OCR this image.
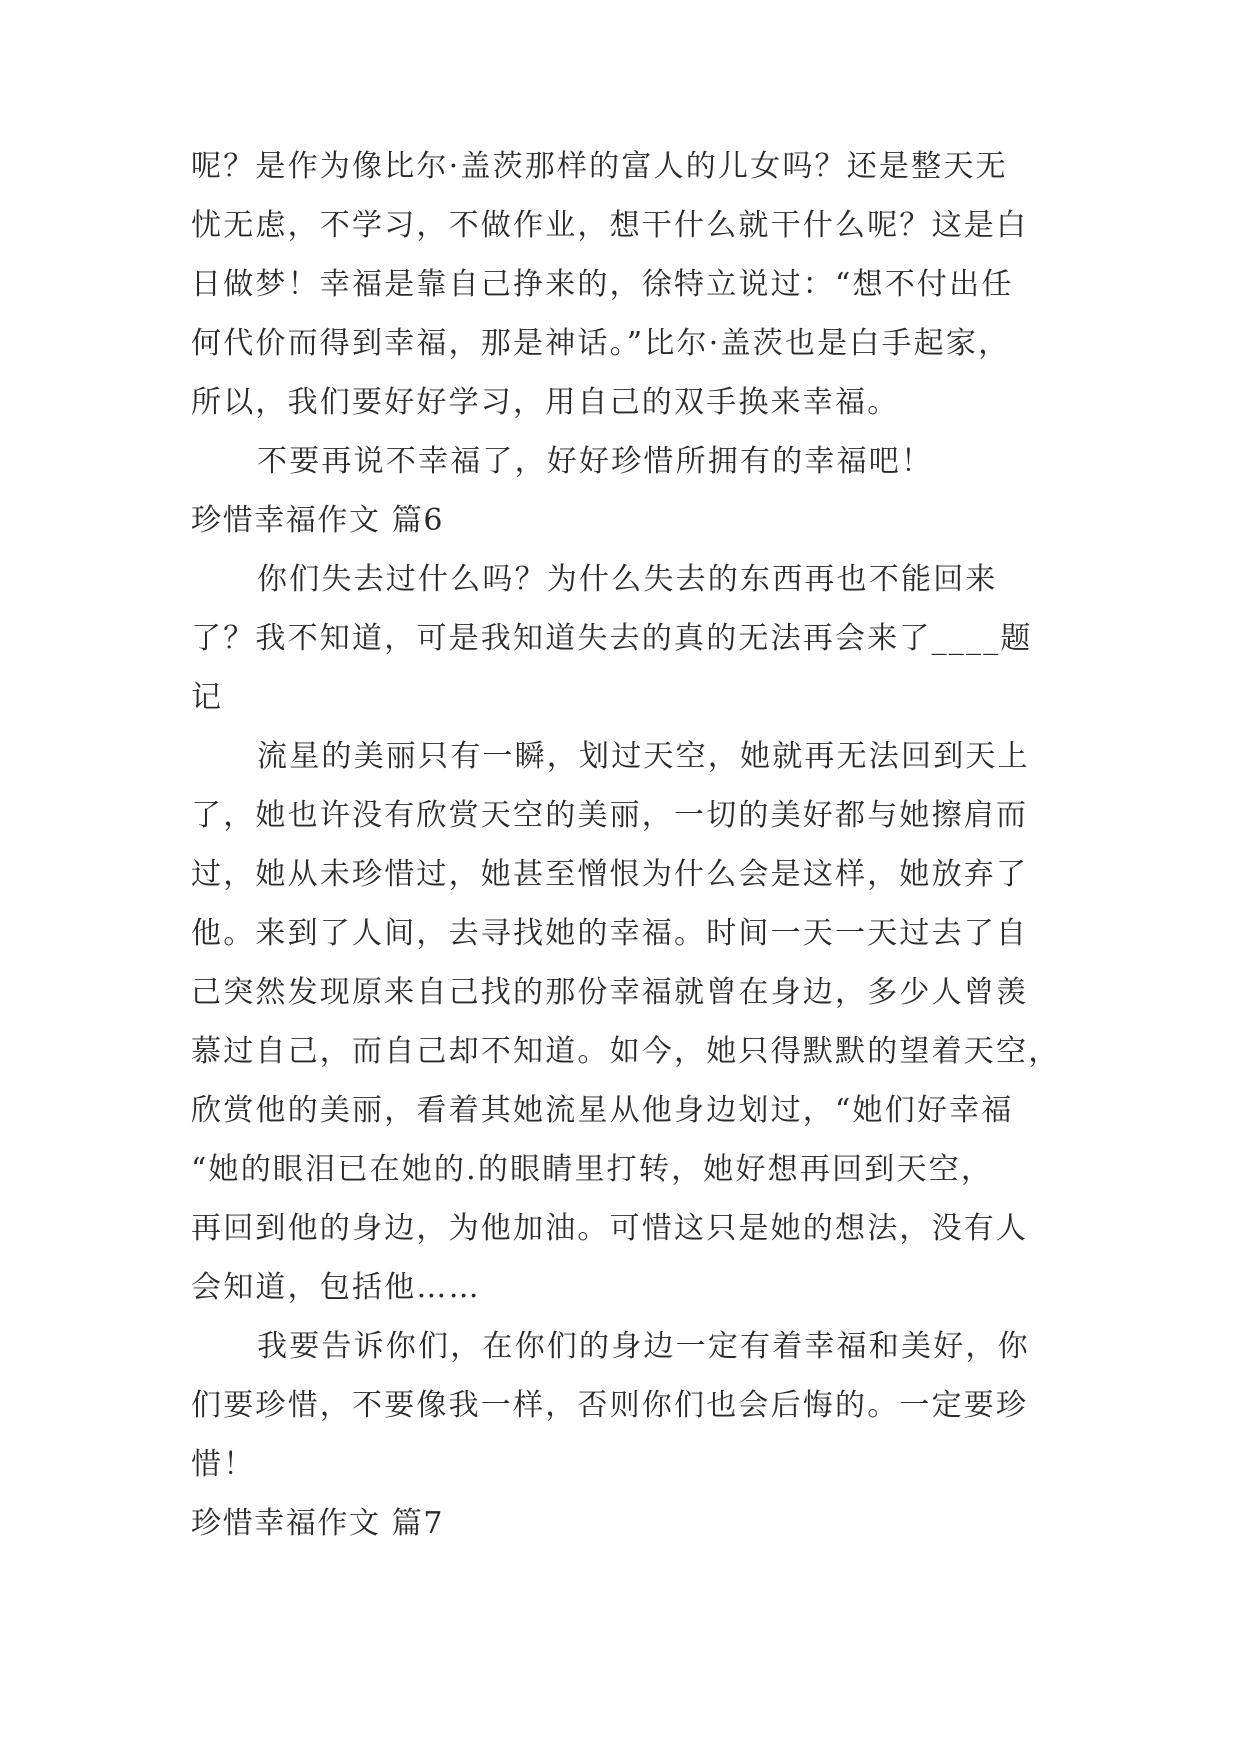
呢？是作为像比尔·盖茨那样的富人的儿女吗？还是整天无
忧无虑，不学习，不做作业，想干什么就干什么呢？这是白
日做梦！幸福是靠自己挣来的，徐特立说过：“想不付出任
何代价而得到幸福，那是神话。”比尔·盖茨也是白手起家，
所以，我们要好好学习，用自己的双手换来幸福。
不要再说不幸福了，好好珍惜所拥有的幸福吧！
珍惜幸福作文 篇6
你们失去过什么吗？为什么失去的东西再也不能回来
了？我不知道，可是我知道失去的真的无法再会来了____题
记
流星的美丽只有一瞬，划过天空，她就再无法回到天上
了，她也许没有欣赏天空的美丽，一切的美好都与她擦肩而
过，她从未珍惜过，她甚至憎恨为什么会是这样，她放弃了
他。来到了人间，去寻找她的幸福。时间一天一天过去了自
己突然发现原来自己找的那份幸福就曾在身边，多少人曾羡
慕过自己，而自己却不知道。如今，她只得默默的望着天空，
欣赏他的美丽，看着其她流星从他身边划过，“她们好幸福
“她的眼泪已在她的.的眼睛里打转，她好想再回到天空，
再回到他的身边，为他加油。可惜这只是她的想法，没有人
会知道，包括他……
我要告诉你们，在你们的身边一定有着幸福和美好，你
们要珍惜，不要像我一样，否则你们也会后悔的。一定要珍
惜！
珍惜幸福作文 篇7
